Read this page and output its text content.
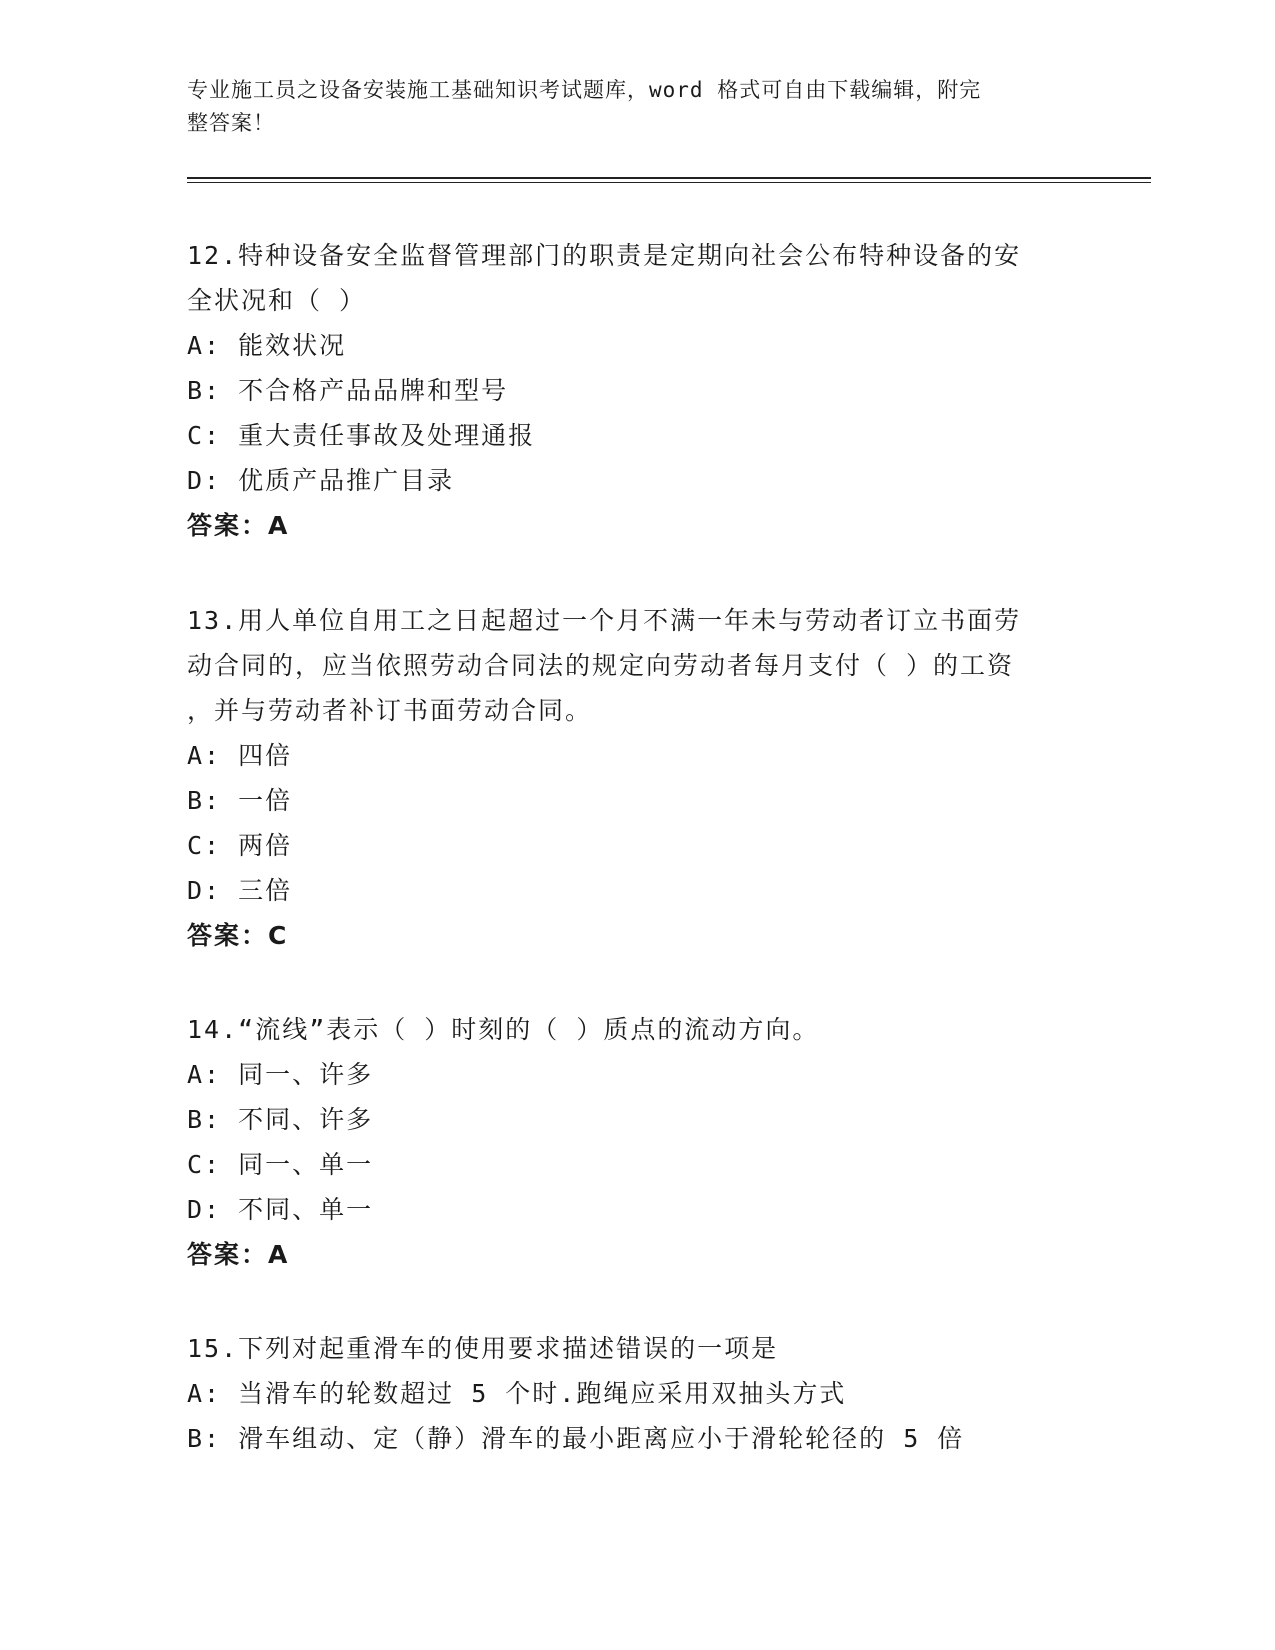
专业施工员之设备安装施工基础知识考试题库，word 格式可自由下载编辑，附完
整答案！
12.特种设备安全监督管理部门的职责是定期向社会公布特种设备的安
全状况和（ ）
A: 能效状况
B: 不合格产品品牌和型号
C: 重大责任事故及处理通报
D: 优质产品推广目录
答案：A
13.用人单位自用工之日起超过一个月不满一年未与劳动者订立书面劳
动合同的，应当依照劳动合同法的规定向劳动者每月支付（ ）的工资
，并与劳动者补订书面劳动合同。
A: 四倍
B: 一倍
C: 两倍
D: 三倍
答案：C
14.“流线”表示（ ）时刻的（ ）质点的流动方向。
A: 同一、许多
B: 不同、许多
C: 同一、单一
D: 不同、单一
答案：A
15.下列对起重滑车的使用要求描述错误的一项是
A: 当滑车的轮数超过 5 个时.跑绳应采用双抽头方式
B: 滑车组动、定（静）滑车的最小距离应小于滑轮轮径的 5 倍
